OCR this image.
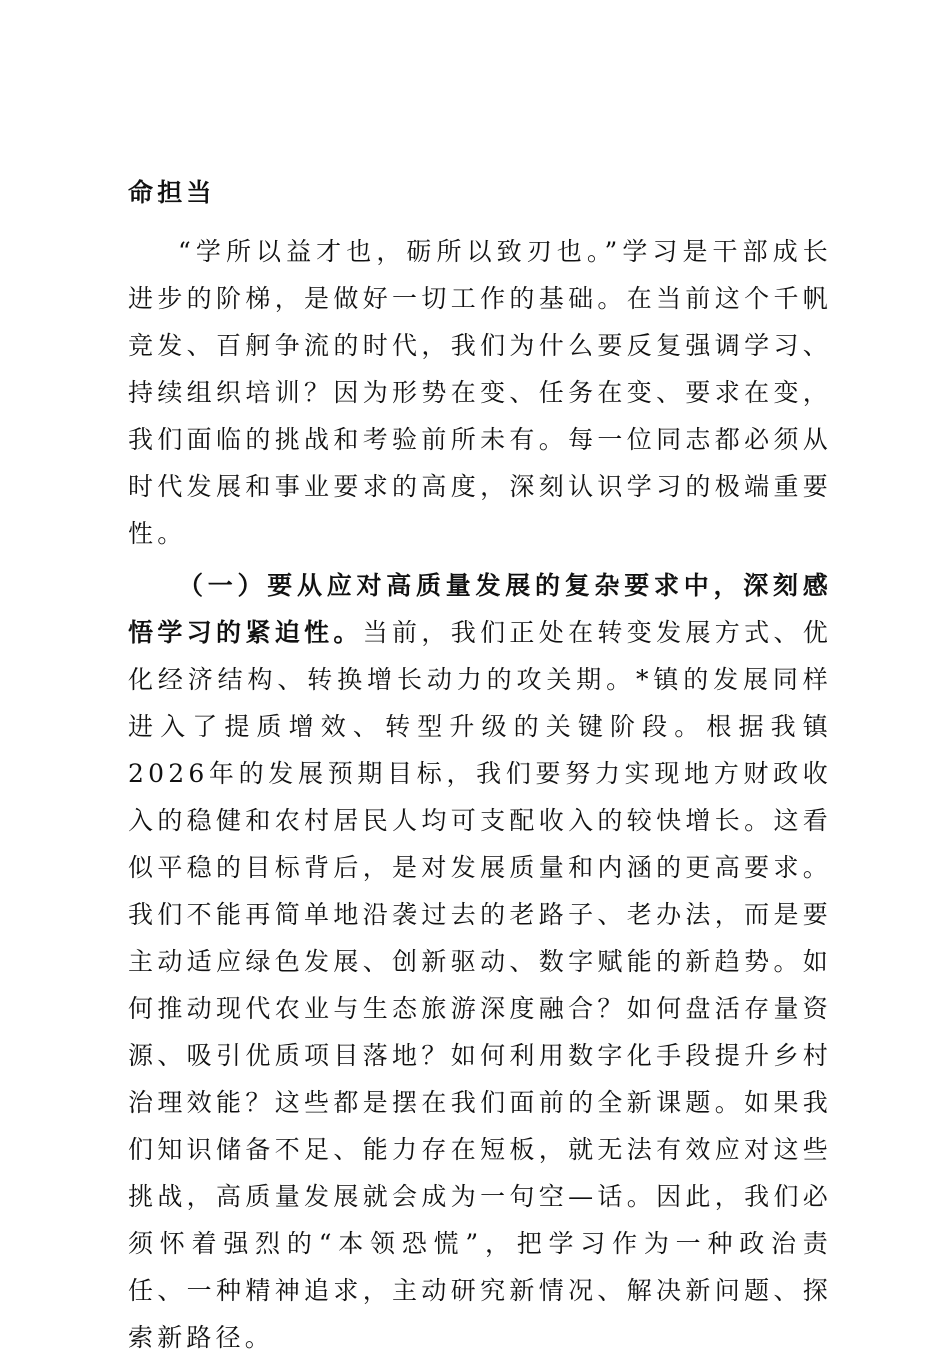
命担当

“学所以益才也，砺所以致刃也。”学习是干部成长进步的阶梯，是做好一切工作的基础。在当前这个千帆竞发、百舸争流的时代，我们为什么要反复强调学习、持续组织培训？因为形势在变、任务在变、要求在变，我们面临的挑战和考验前所未有。每一位同志都必须从时代发展和事业要求的高度，深刻认识学习的极端重要性。

（一）要从应对高质量发展的复杂要求中，深刻感悟学习的紧迫性。当前，我们正处在转变发展方式、优化经济结构、转换增长动力的攻关期。*镇的发展同样进入了提质增效、转型升级的关键阶段。根据我镇2026年的发展预期目标，我们要努力实现地方财政收入的稳健和农村居民人均可支配收入的较快增长。这看似平稳的目标背后，是对发展质量和内涵的更高要求。我们不能再简单地沿袭过去的老路子、老办法，而是要主动适应绿色发展、创新驱动、数字赋能的新趋势。如何推动现代农业与生态旅游深度融合？如何盘活存量资源、吸引优质项目落地？如何利用数字化手段提升乡村治理效能？这些都是摆在我们面前的全新课题。如果我们知识储备不足、能力存在短板，就无法有效应对这些挑战，高质量发展就会成为一句空—话。因此，我们必须怀着强烈的“本领恐慌”，把学习作为一种政治责任、一种精神追求，主动研究新情况、解决新问题、探索新路径。
